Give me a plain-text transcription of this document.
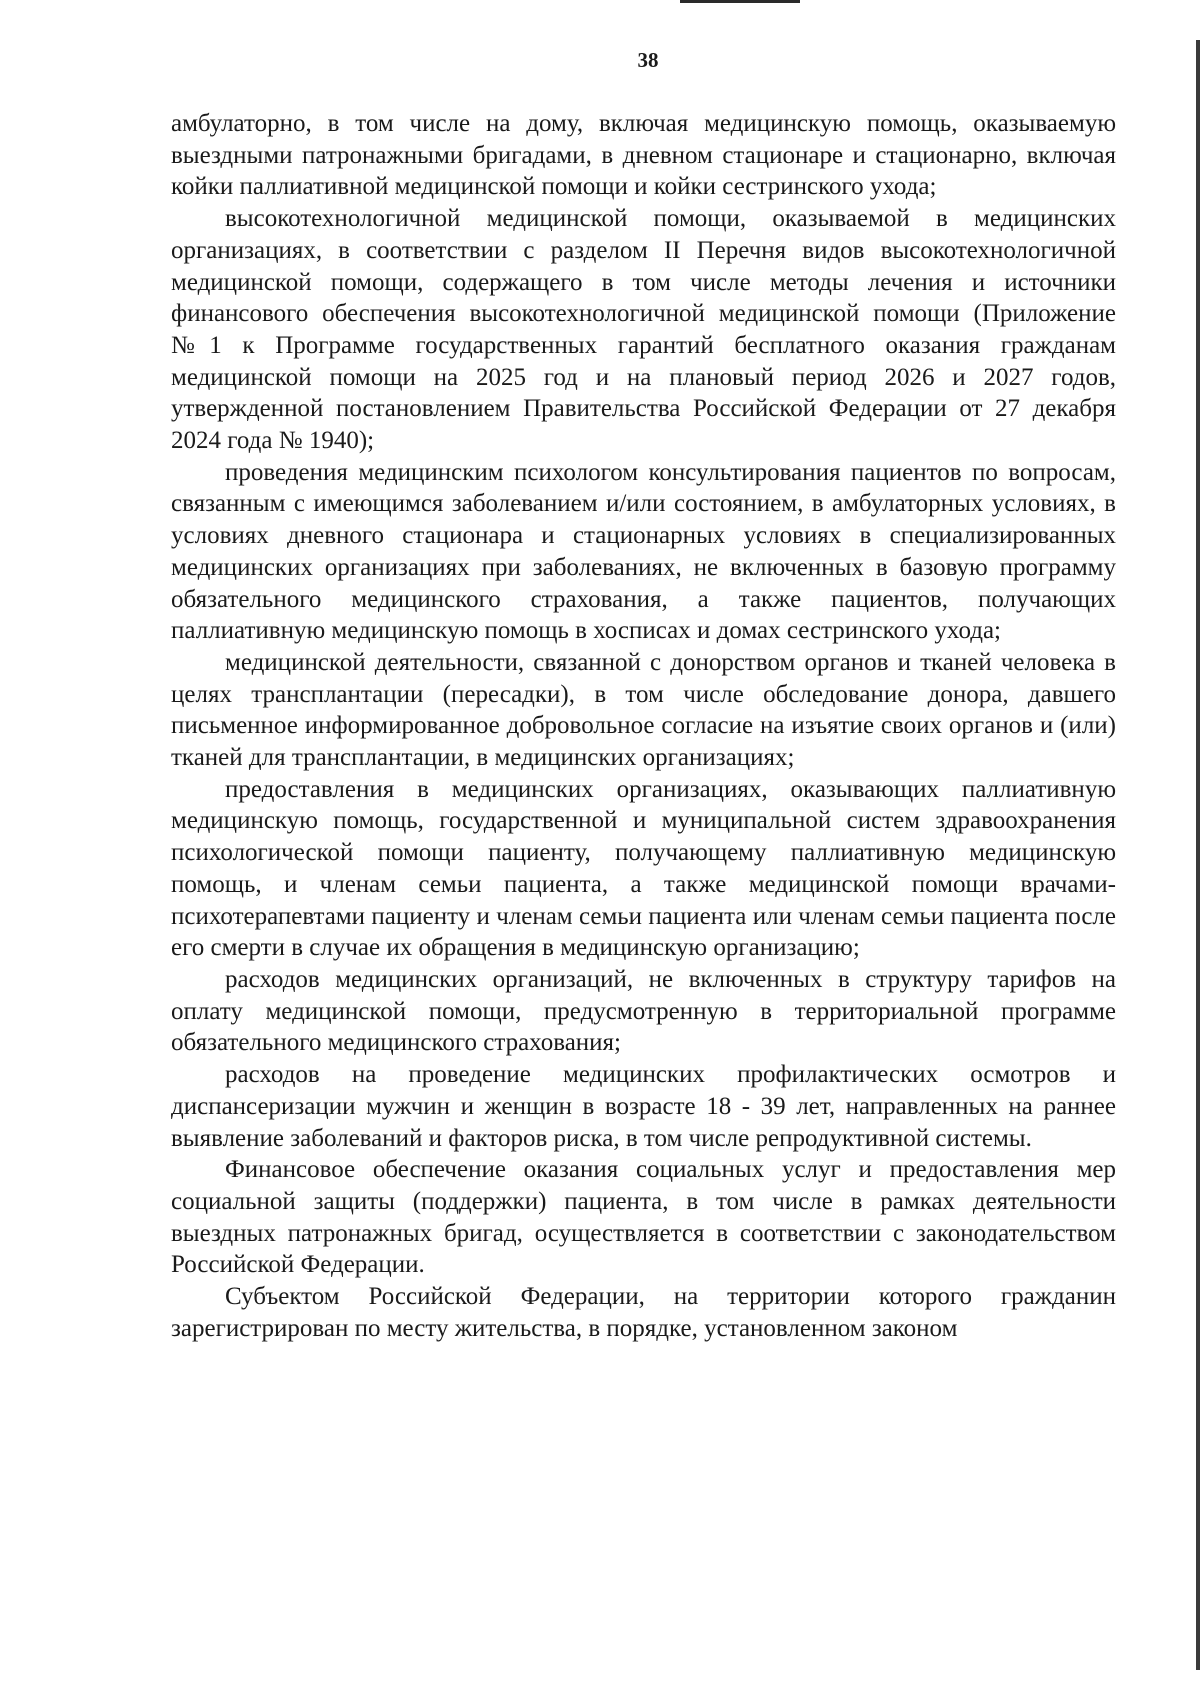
38

амбулаторно, в том числе на дому, включая медицинскую помощь, оказываемую выездными патронажными бригадами, в дневном стационаре и стационарно, включая койки паллиативной медицинской помощи и койки сестринского ухода;

высокотехнологичной медицинской помощи, оказываемой в медицинских организациях, в соответствии с разделом II Перечня видов высокотехнологичной медицинской помощи, содержащего в том числе методы лечения и источники финансового обеспечения высокотехнологичной медицинской помощи (Приложение №1 к Программе государственных гарантий бесплатного оказания гражданам медицинской помощи на 2025 год и на плановый период 2026 и 2027 годов, утвержденной постановлением Правительства Российской Федерации от 27 декабря 2024 года № 1940);

проведения медицинским психологом консультирования пациентов по вопросам, связанным с имеющимся заболеванием и/или состоянием, в амбулаторных условиях, в условиях дневного стационара и стационарных условиях в специализированных медицинских организациях при заболеваниях, не включенных в базовую программу обязательного медицинского страхования, а также пациентов, получающих паллиативную медицинскую помощь в хосписах и домах сестринского ухода;

медицинской деятельности, связанной с донорством органов и тканей человека в целях трансплантации (пересадки), в том числе обследование донора, давшего письменное информированное добровольное согласие на изъятие своих органов и (или) тканей для трансплантации, в медицинских организациях;

предоставления в медицинских организациях, оказывающих паллиативную медицинскую помощь, государственной и муниципальной систем здравоохранения психологической помощи пациенту, получающему паллиативную медицинскую помощь, и членам семьи пациента, а также медицинской помощи врачами-психотерапевтами пациенту и членам семьи пациента или членам семьи пациента после его смерти в случае их обращения в медицинскую организацию;

расходов медицинских организаций, не включенных в структуру тарифов на оплату медицинской помощи, предусмотренную в территориальной программе обязательного медицинского страхования;

расходов на проведение медицинских профилактических осмотров и диспансеризации мужчин и женщин в возрасте 18 - 39 лет, направленных на раннее выявление заболеваний и факторов риска, в том числе репродуктивной системы.

Финансовое обеспечение оказания социальных услуг и предоставления мер социальной защиты (поддержки) пациента, в том числе в рамках деятельности выездных патронажных бригад, осуществляется в соответствии с законодательством Российской Федерации.

Субъектом Российской Федерации, на территории которого гражданин зарегистрирован по месту жительства, в порядке, установленном законом
